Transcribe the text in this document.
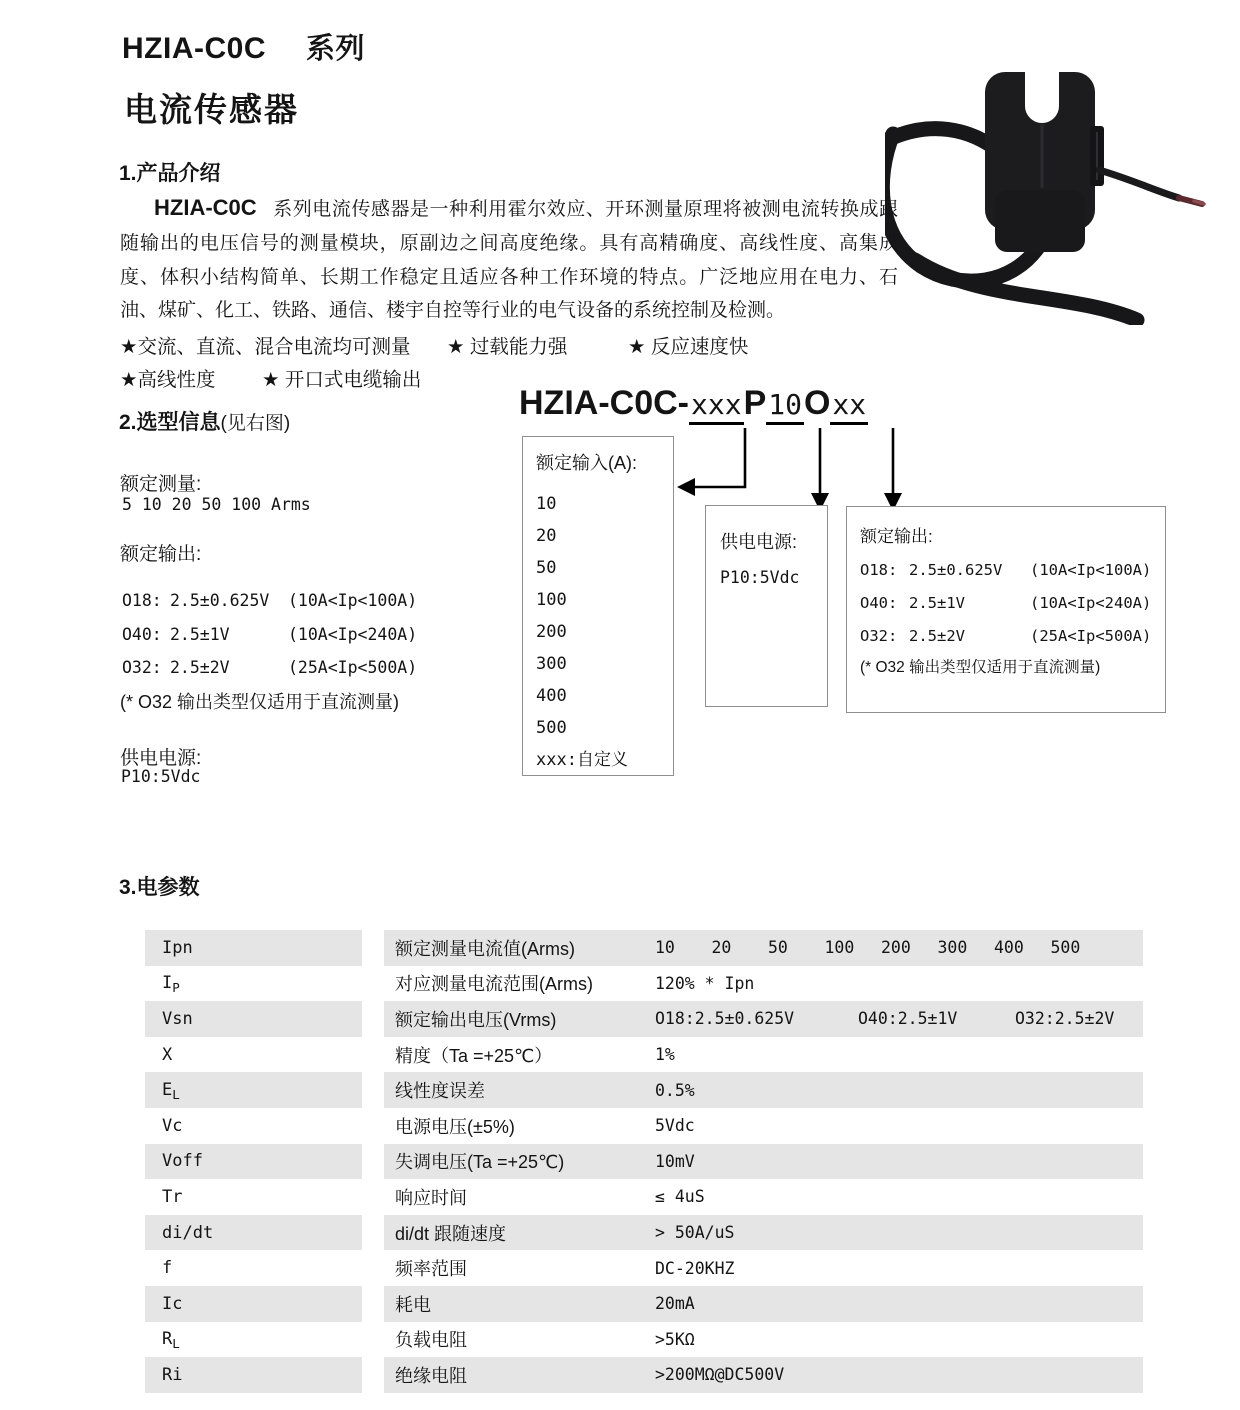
HZIA-C0C 系列
电流传感器
1.产品介绍

HZIA-C0C 系列电流传感器是一种利用霍尔效应、开环测量原理将被测电流转换成跟随输出的电压信号的测量模块，原副边之间高度绝缘。具有高精确度、高线性度、高集成度、体积小结构简单、长期工作稳定且适应各种工作环境的特点。广泛地应用在电力、石油、煤矿、化工、铁路、通信、楼宇自控等行业的电气设备的系统控制及检测。

★交流、直流、混合电流均可测量 ★ 过载能力强	★ 反应速度快
★高线性度 ★ 开口式电缆输出
2.选型信息(见右图)
额定测量:
5 10 20 50 100 Arms
额定输出:
O18: 2.5±0.625V	(10A<Ip<100A)
O40: 2.5±1V	(10A<Ip<240A)
O32: 2.5±2V	(25A<Ip<500A)
(* O32 输出类型仅适用于直流测量)
供电电源:
P10:5Vdc
HZIA-C0C-xxxP10Oxx
额定输入(A):
10
20
50
100
200
300
400
500
xxx:自定义
供电电源:
P10:5Vdc
额定输出:
O18: 2.5±0.625V	(10A<Ip<100A)
O40: 2.5±1V	(10A<Ip<240A)
O32: 2.5±2V	(25A<Ip<500A)
(* O32 输出类型仅适用于直流测量)
3.电参数
Ipn	额定测量电流值(Arms)	10	20	50	100	200	300	400	500
I P	对应测量电流范围(Arms)	120% * Ipn
Vsn	额定输出电压(Vrms)	O18:2.5±0.625V	O40:2.5±1V	O32:2.5±2V
X	精度（Ta =+25℃）	1%
E L	线性度误差	0.5%
Vc	电源电压(±5%)	5Vdc
Voff	失调电压(Ta =+25℃)	10mV
Tr	响应时间	≤ 4uS
di/dt	di/dt 跟随速度	> 50A/uS
f	频率范围	DC-20KHZ
Ic	耗电	20mA
R L	负载电阻	>5KΩ
Ri	绝缘电阻	>200MΩ@DC500V
